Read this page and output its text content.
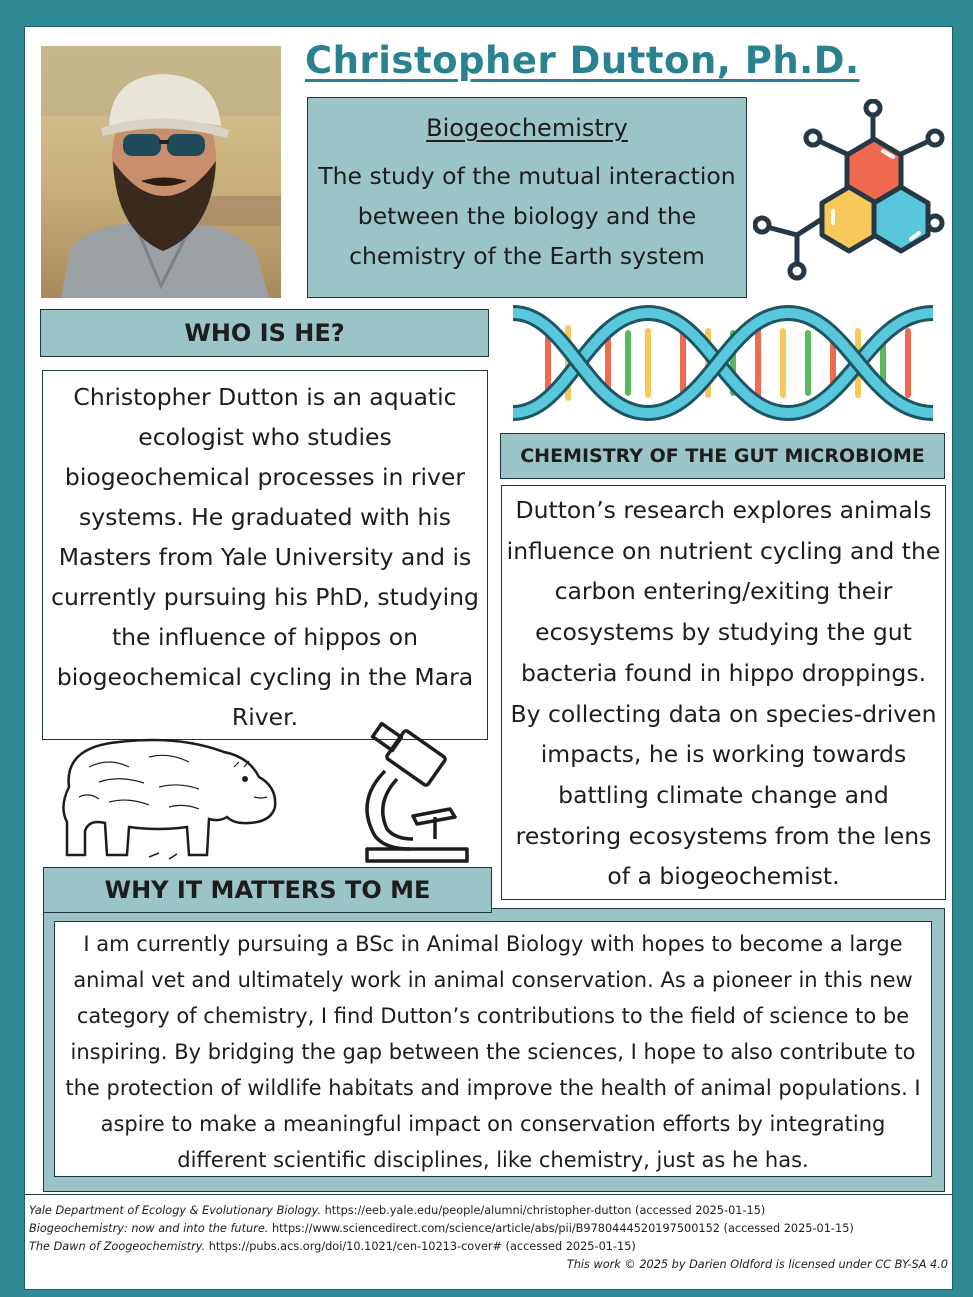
Christopher Dutton, Ph.D.
Biogeochemistry
The study of the mutual interaction between the biology and the chemistry of the Earth system
WHO IS HE?
Christopher Dutton is an aquatic ecologist who studies biogeochemical processes in river systems. He graduated with his Masters from Yale University and is currently pursuing his PhD, studying the influence of hippos on biogeochemical cycling in the Mara River.
CHEMISTRY OF THE GUT MICROBIOME
Dutton’s research explores animals influence on nutrient cycling and the carbon entering/exiting their ecosystems by studying the gut bacteria found in hippo droppings. By collecting data on species-driven impacts, he is working towards battling climate change and restoring ecosystems from the lens of a biogeochemist.
I am currently pursuing a BSc in Animal Biology with hopes to become a large animal vet and ultimately work in animal conservation. As a pioneer in this new category of chemistry, I find Dutton’s contributions to the field of science to be inspiring. By bridging the gap between the sciences, I hope to also contribute to the protection of wildlife habitats and improve the health of animal populations. I aspire to make a meaningful impact on conservation efforts by integrating different scientific disciplines, like chemistry, just as he has.
WHY IT MATTERS TO ME
Yale Department of Ecology & Evolutionary Biology. https://eeb.yale.edu/people/alumni/christopher-dutton (accessed 2025-01-15)
Biogeochemistry: now and into the future. https://www.sciencedirect.com/science/article/abs/pii/B9780444520197500152 (accessed 2025-01-15)
The Dawn of Zoogeochemistry. https://pubs.acs.org/doi/10.1021/cen-10213-cover# (accessed 2025-01-15)
This work © 2025 by Darien Oldford is licensed under CC BY-SA 4.0
